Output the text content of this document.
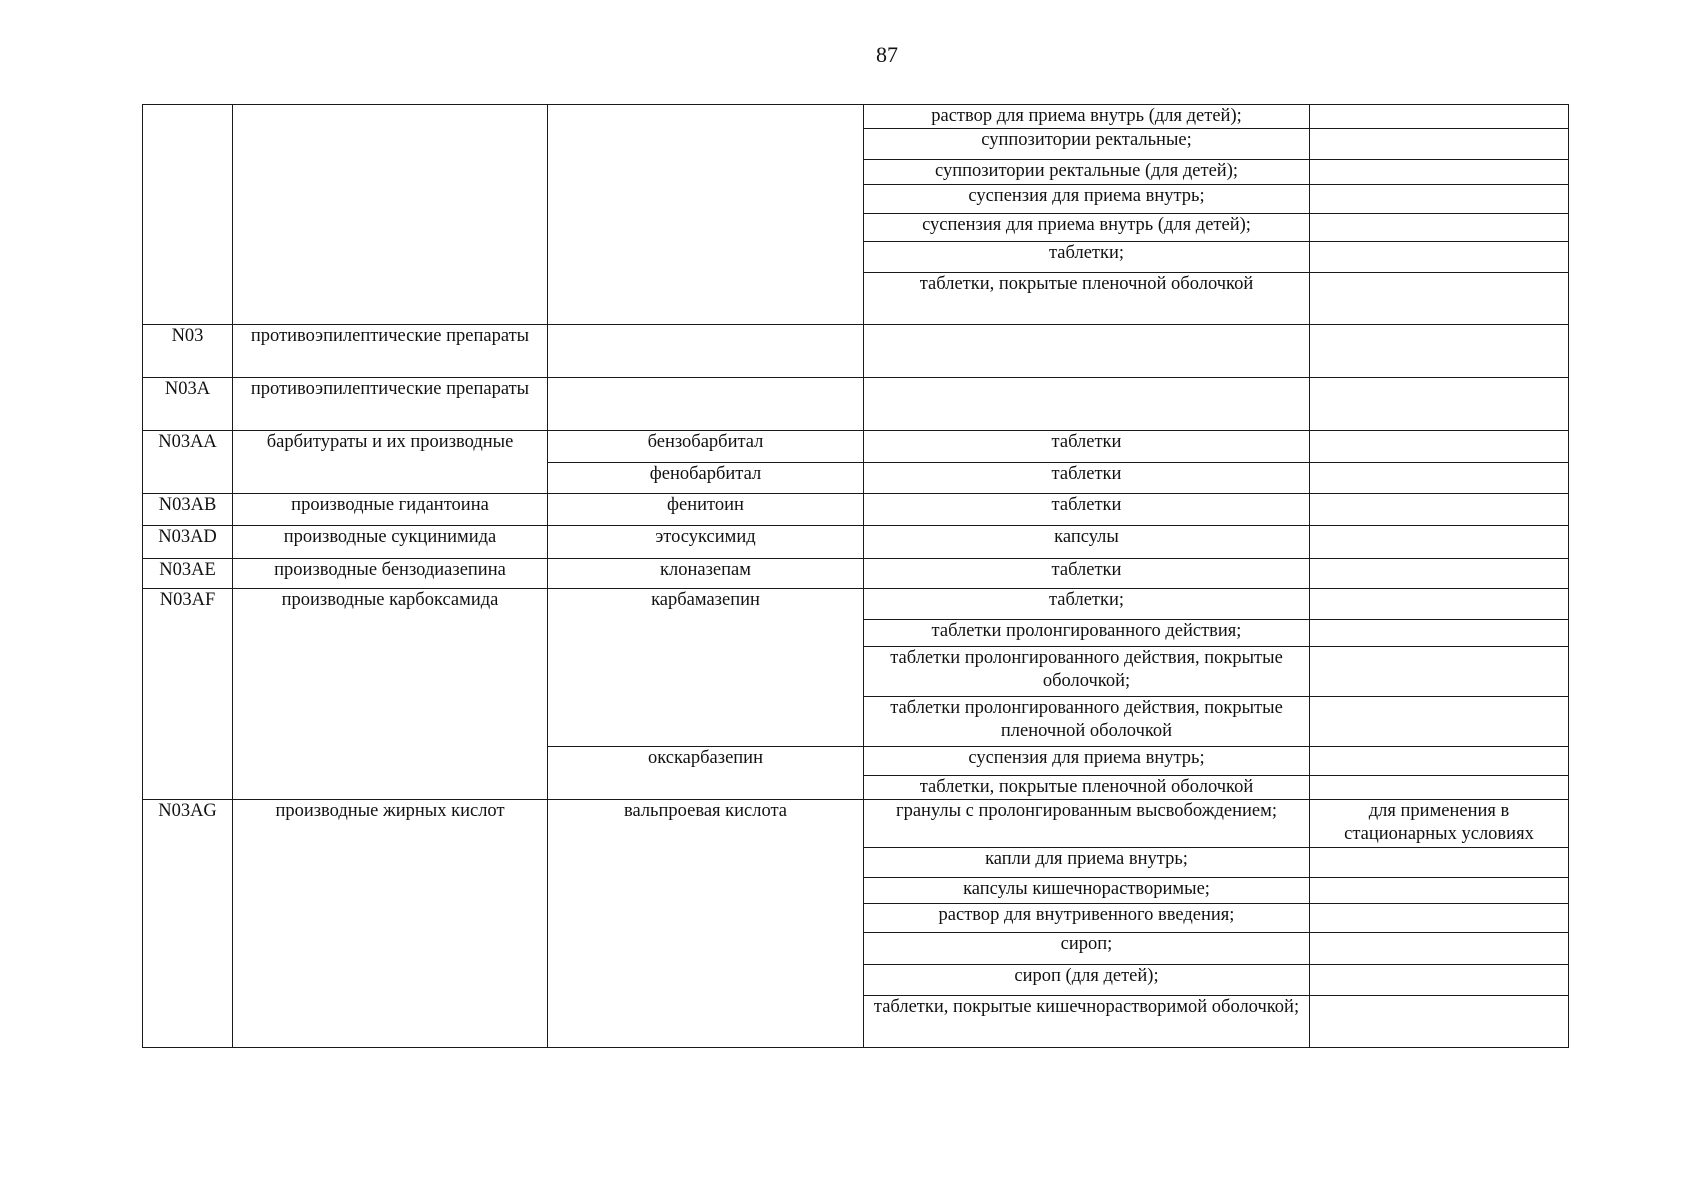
87
			раствор для приема внутрь (для детей);	
			суппозитории ректальные;	
			суппозитории ректальные (для детей);	
			суспензия для приема внутрь;	
			суспензия для приема внутрь (для детей);	
			таблетки;	
			таблетки, покрытые пленочной оболочкой	
N03	противоэпилептические препараты			
N03A	противоэпилептические препараты			
N03AA	барбитураты и их производные	бензобарбитал	таблетки	
		фенобарбитал	таблетки	
N03AB	производные гидантоина	фенитоин	таблетки	
N03AD	производные сукцинимида	этосуксимид	капсулы	
N03AE	производные бензодиазепина	клоназепам	таблетки	
N03AF	производные карбоксамида	карбамазепин	таблетки;	
			таблетки пролонгированного действия;	
			таблетки пролонгированного действия, покрытые оболочкой;	
			таблетки пролонгированного действия, покрытые пленочной оболочкой	
		окскарбазепин	суспензия для приема внутрь;	
			таблетки, покрытые пленочной оболочкой	
N03AG	производные жирных кислот	вальпроевая кислота	гранулы с пролонгированным высвобождением;	для применения в стационарных условиях
			капли для приема внутрь;	
			капсулы кишечнорастворимые;	
			раствор для внутривенного введения;	
			сироп;	
			сироп (для детей);	
			таблетки, покрытые кишечнорастворимой оболочкой;	
